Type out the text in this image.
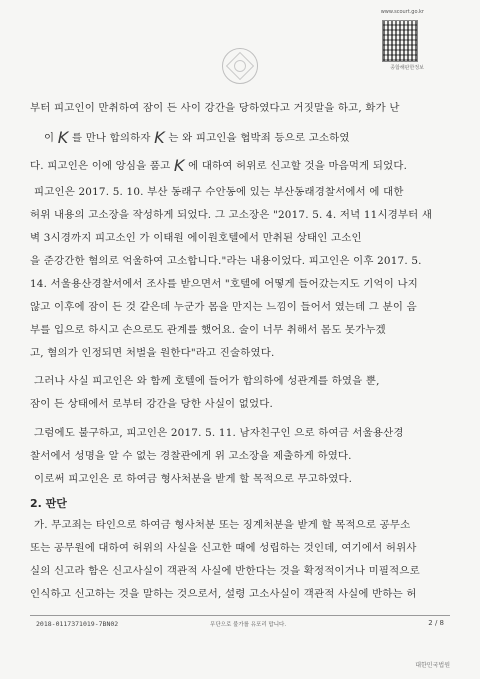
www.scourt.go.kr
종합해판한정보
부터 피고인이 만취하여 잠이 든 사이 강간을 당하였다고 거짓말을 하고, 화가 난
이 K 를 만나 합의하자 K 는 와 피고인을 협박죄 등으로 고소하였
다. 피고인은 이에 앙심을 품고 K 에 대하여 허위로 신고할 것을 마음먹게 되었다.
피고인은 2017. 5. 10. 부산 동래구 수안동에 있는 부산동래경찰서에서 에 대한
허위 내용의 고소장을 작성하게 되었다. 그 고소장은 "2017. 5. 4. 저녁 11시경부터 새
벽 3시경까지 피고소인 가 이태원 에이원호텔에서 만취된 상태인 고소인
을 준강간한 혐의로 억울하여 고소합니다."라는 내용이었다. 피고인은 이후 2017. 5.
14. 서울용산경찰서에서 조사를 받으면서 "호텔에 어떻게 들어갔는지도 기억이 나지
않고 이후에 잠이 든 것 같은데 누군가 몸을 만지는 느낌이 들어서 였는데 그 분이 음
부를 입으로 하시고 손으로도 관계를 했어요. 술이 너무 취해서 몸도 못가누겠
고, 혐의가 인정되면 처벌을 원한다"라고 진술하였다.
그러나 사실 피고인은 와 함께 호텔에 들어가 합의하에 성관계를 하였을 뿐,
잠이 든 상태에서 로부터 강간을 당한 사실이 없었다.
그럼에도 불구하고, 피고인은 2017. 5. 11. 남자친구인 으로 하여금 서울용산경
찰서에서 성명을 알 수 없는 경찰관에게 위 고소장을 제출하게 하였다.
이로써 피고인은 로 하여금 형사처분을 받게 할 목적으로 무고하였다.
2. 판단
가. 무고죄는 타인으로 하여금 형사처분 또는 징계처분을 받게 할 목적으로 공무소
또는 공무원에 대하여 허위의 사실을 신고한 때에 성립하는 것인데, 여기에서 허위사
실의 신고라 함은 신고사실이 객관적 사실에 반한다는 것을 확정적이거나 미필적으로
인식하고 신고하는 것을 말하는 것으로서, 설령 고소사실이 객관적 사실에 반하는 허
2018-0117371019-7BN02	무단으로 불가를 유포리 맙니다.	2 / 8
대한민국법원
